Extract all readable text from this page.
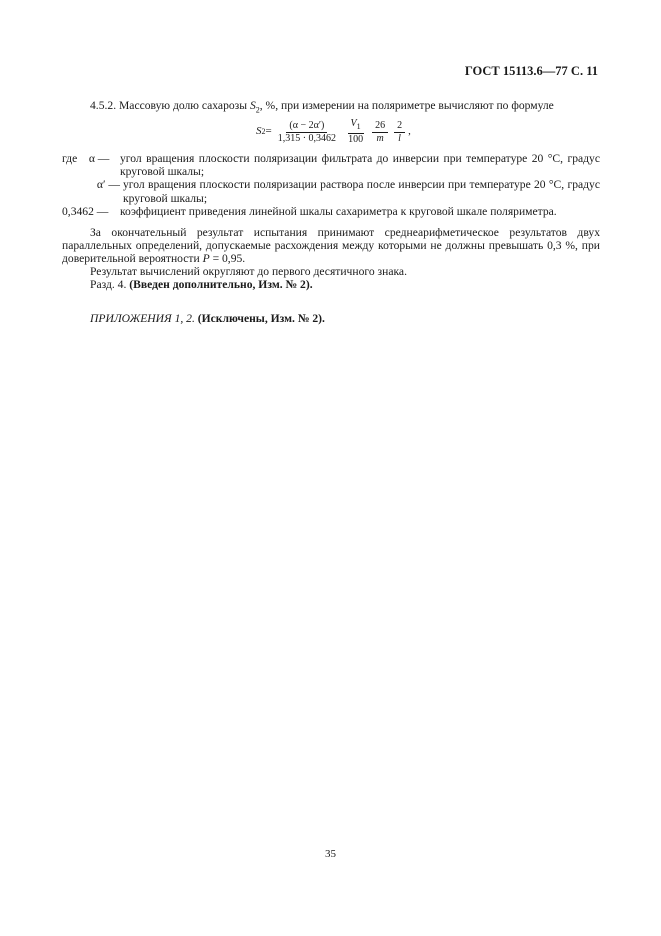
ГОСТ 15113.6—77 С. 11
4.5.2. Массовую долю сахарозы $S_2$, %, при измерении на поляриметре вычисляют по формуле
S $2 = \frac{(\alpha - 2\alpha')}{1,315 \cdot 0,3462} \frac{V_1}{100} \frac{26}{m} \frac{2}{l}$ ,
где α — угол вращения плоскости поляризации фильтрата до инверсии при температуре 20 °С, градус круговой шкалы;
α′ — угол вращения плоскости поляризации раствора после инверсии при температуре 20 °С, градус круговой шкалы;
0,3462 —	коэффициент приведения линейной шкалы сахариметра к круговой шкале поляриметра.
За окончательный результат испытания принимают среднеарифметическое результатов двух параллельных определений, допускаемые расхождения между которыми не должны превышать 0,3 %, при доверительной вероятности P = 0,95.
Результат вычислений округляют до первого десятичного знака.
Разд. 4. (Введен дополнительно, Изм. № 2).
ПРИЛОЖЕНИЯ 1, 2. (Исключены, Изм. № 2).
35
